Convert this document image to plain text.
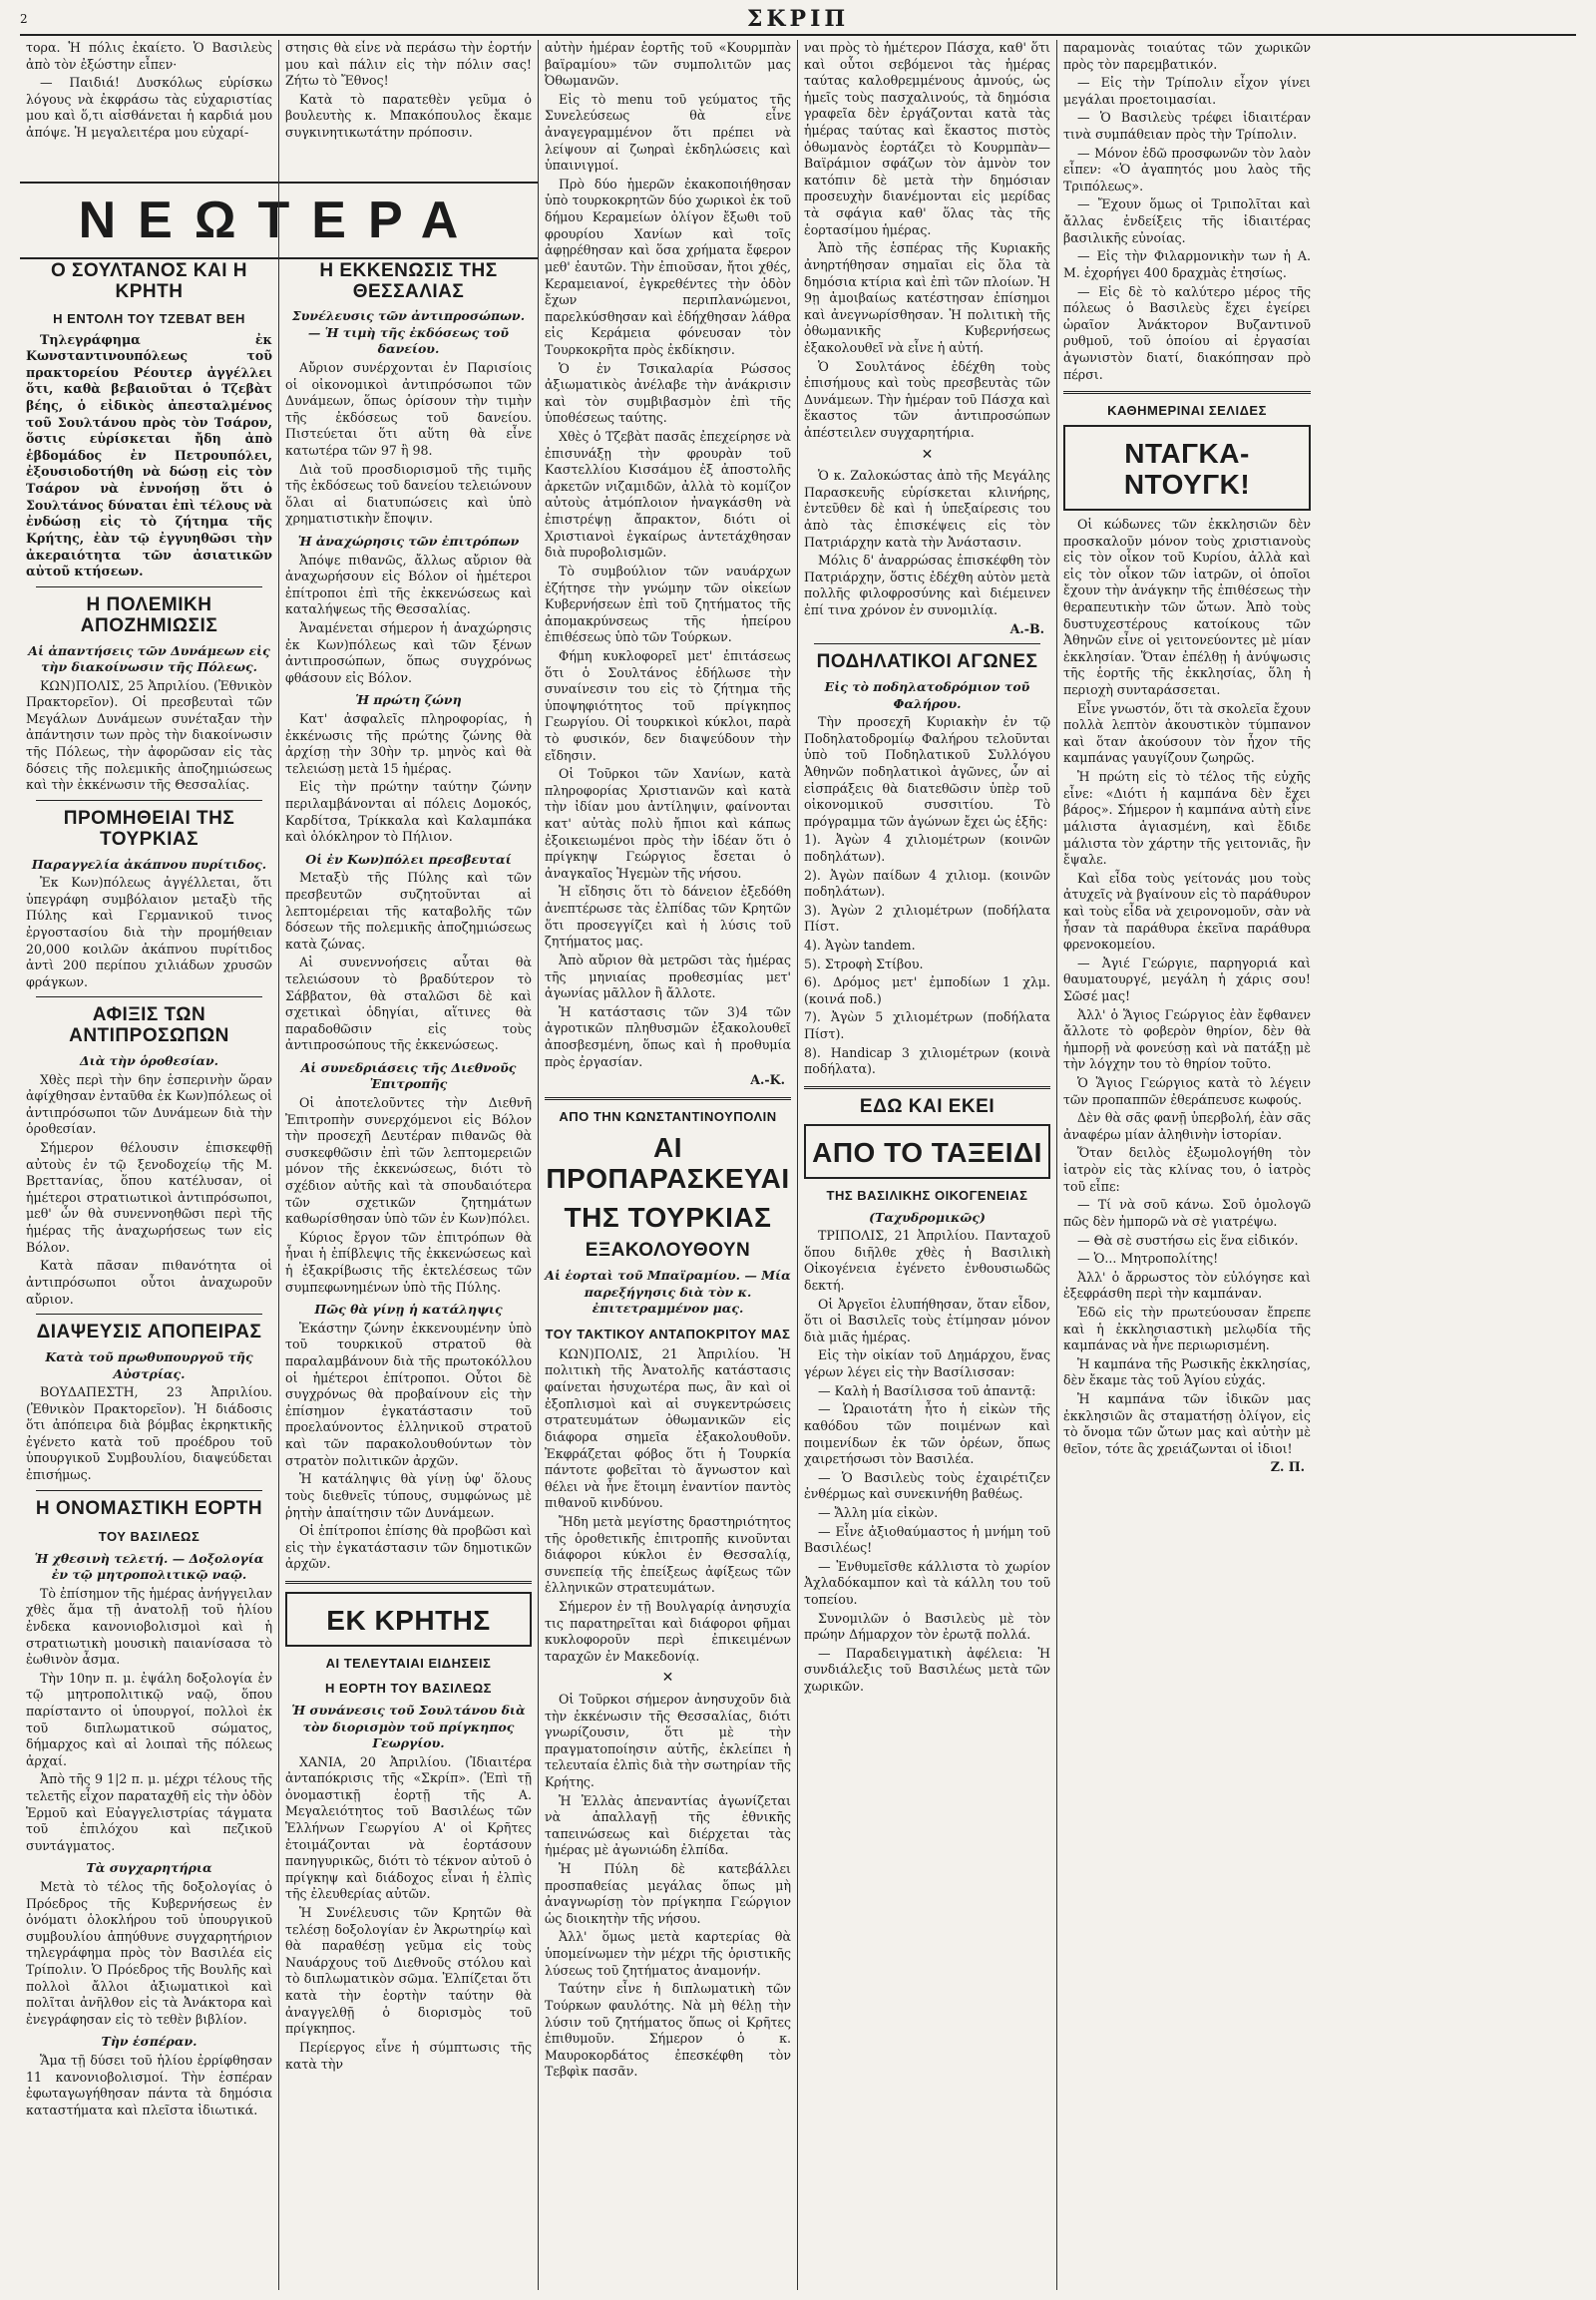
2	ΣΚΡΙΠ
ΝΕΩΤΕΡΑ

τορα. Ἡ πόλις ἐκαίετο. Ὁ Βασιλεὺς ἀπὸ τὸν ἐξώστην εἶπεν·

— Παιδιά! Δυσκόλως εὑρίσκω λόγους νὰ ἐκφράσω τὰς εὐχαριστίας μου καὶ ὅ,τι αἰσθάνεται ἡ καρδιά μου ἀπόψε. Ἡ μεγαλειτέρα μου εὐχαρί-

Ο ΣΟΥΛΤΑΝΟΣ ΚΑΙ Η ΚΡΗΤΗ
Η ΕΝΤΟΛΗ ΤΟΥ ΤΖΕΒΑΤ ΒΕΗ

Τηλεγράφημα ἐκ Κωνσταντινουπόλεως τοῦ πρακτορείου Ρέουτερ ἀγγέλλει ὅτι, καθὰ βεβαιοῦται ὁ Τζεβὰτ βέης, ὁ εἰδικὸς ἀπεσταλμένος τοῦ Σουλτάνου πρὸς τὸν Τσάρον, ὅστις εὑρίσκεται ἤδη ἀπὸ ἑβδομάδος ἐν Πετρουπόλει, ἐξουσιοδοτήθη νὰ δώσῃ εἰς τὸν Τσάρον νὰ ἐννοήσῃ ὅτι ὁ Σουλτάνος δύναται ἐπὶ τέλους νὰ ἐνδώσῃ εἰς τὸ ζήτημα τῆς Κρήτης, ἐὰν τῷ ἐγγυηθῶσι τὴν ἀκεραιότητα τῶν ἀσιατικῶν αὐτοῦ κτήσεων.

Η ΠΟΛΕΜΙΚΗ ΑΠΟΖΗΜΙΩΣΙΣ
Αἱ ἀπαντήσεις τῶν Δυνάμεων εἰς τὴν διακοίνωσιν τῆς Πόλεως.

ΚΩΝ)ΠΟΛΙΣ, 25 Ἀπριλίου. (Ἐθνικὸν Πρακτορεῖον). Οἱ πρεσβευταὶ τῶν Μεγάλων Δυνάμεων συνέταξαν τὴν ἀπάντησιν των πρὸς τὴν διακοίνωσιν τῆς Πόλεως, τὴν ἀφορῶσαν εἰς τὰς δόσεις τῆς πολεμικῆς ἀποζημιώσεως καὶ τὴν ἐκκένωσιν τῆς Θεσσαλίας.

ΠΡΟΜΗΘΕΙΑΙ ΤΗΣ ΤΟΥΡΚΙΑΣ
Παραγγελία ἀκάπνου πυρίτιδος.

Ἐκ Κων)πόλεως ἀγγέλλεται, ὅτι ὑπεγράφη συμβόλαιον μεταξὺ τῆς Πύλης καὶ Γερμανικοῦ τινος ἐργοστασίου διὰ τὴν προμήθειαν 20,000 κοιλῶν ἀκάπνου πυρίτιδος ἀντὶ 200 περίπου χιλιάδων χρυσῶν φράγκων.

ΑΦΙΞΙΣ ΤΩΝ ΑΝΤΙΠΡΟΣΩΠΩΝ
Διὰ τὴν ὁροθεσίαν.

Χθὲς περὶ τὴν 6ην ἑσπερινὴν ὥραν ἀφίχθησαν ἐνταῦθα ἐκ Κων)πόλεως οἱ ἀντιπρόσωποι τῶν Δυνάμεων διὰ τὴν ὁροθεσίαν.

Σήμερον θέλουσιν ἐπισκεφθῇ αὐτοὺς ἐν τῷ ξενοδοχείῳ τῆς Μ. Βρεττανίας, ὅπου κατέλυσαν, οἱ ἡμέτεροι στρατιωτικοὶ ἀντιπρόσωποι, μεθ' ὧν θὰ συνεννοηθῶσι περὶ τῆς ἡμέρας τῆς ἀναχωρήσεως των εἰς Βόλον.

Κατὰ πᾶσαν πιθανότητα οἱ ἀντιπρόσωποι οὗτοι ἀναχωροῦν αὔριον.

ΔΙΑΨΕΥΣΙΣ ΑΠΟΠΕΙΡΑΣ
Κατὰ τοῦ πρωθυπουργοῦ τῆς Αὐστρίας.

ΒΟΥΔΑΠΕΣΤΗ, 23 Ἀπριλίου. (Ἐθνικὸν Πρακτορεῖον). Ἡ διάδοσις ὅτι ἀπόπειρα διὰ βόμβας ἐκρηκτικῆς ἐγένετο κατὰ τοῦ προέδρου τοῦ ὑπουργικοῦ Συμβουλίου, διαψεύδεται ἐπισήμως.

Η ΟΝΟΜΑΣΤΙΚΗ ΕΟΡΤΗ
ΤΟΥ ΒΑΣΙΛΕΩΣ
Ἡ χθεσινὴ τελετή. — Δοξολογία ἐν τῷ μητροπολιτικῷ ναῷ.

Τὸ ἐπίσημον τῆς ἡμέρας ἀνήγγειλαν χθὲς ἅμα τῇ ἀνατολῇ τοῦ ἡλίου ἐνδεκα κανονιοβολισμοὶ καὶ ἡ στρατιωτικὴ μουσικὴ παιανίσασα τὸ ἐωθινὸν ἆσμα.

Τὴν 10ην π. μ. ἐψάλη δοξολογία ἐν τῷ μητροπολιτικῷ ναῷ, ὅπου παρίσταντο οἱ ὑπουργοί, πολλοὶ ἐκ τοῦ διπλωματικοῦ σώματος, δήμαρχος καὶ αἱ λοιπαὶ τῆς πόλεως ἀρχαί.

Ἀπὸ τῆς 9 1|2 π. μ. μέχρι τέλους τῆς τελετῆς εἶχον παραταχθῆ εἰς τὴν ὁδὸν Ἑρμοῦ καὶ Εὐαγγελιστρίας τάγματα τοῦ ἐπιλόχου καὶ πεζικοῦ συντάγματος.

Τὰ συγχαρητήρια

Μετὰ τὸ τέλος τῆς δοξολογίας ὁ Πρόεδρος τῆς Κυβερνήσεως ἐν ὀνόματι ὁλοκλήρου τοῦ ὑπουργικοῦ συμβουλίου ἀπηύθυνε συγχαρητήριον τηλεγράφημα πρὸς τὸν Βασιλέα εἰς Τρίπολιν. Ὁ Πρόεδρος τῆς Βουλῆς καὶ πολλοὶ ἄλλοι ἀξιωματικοὶ καὶ πολῖται ἀνῆλθον εἰς τὰ Ἀνάκτορα καὶ ἐνεγράφησαν εἰς τὸ τεθὲν βιβλίον.

Τὴν ἑσπέραν.

Ἅμα τῇ δύσει τοῦ ἡλίου ἐρρίφθησαν 11 κανονιοβολισμοί. Τὴν ἑσπέραν ἐφωταγωγήθησαν πάντα τὰ δημόσια καταστήματα καὶ πλεῖστα ἰδιωτικά.

στησις θὰ εἶνε νὰ περάσω τὴν ἑορτήν μου καὶ πάλιν εἰς τὴν πόλιν σας! Ζήτω τὸ Ἔθνος!

Κατὰ τὸ παρατεθὲν γεῦμα ὁ βουλευτὴς κ. Μπακόπουλος ἔκαμε συγκινητικωτάτην πρόποσιν.

Η ΕΚΚΕΝΩΣΙΣ ΤΗΣ ΘΕΣΣΑΛΙΑΣ
Συνέλευσις τῶν ἀντιπροσώπων. — Ἡ τιμὴ τῆς ἐκδόσεως τοῦ δανείου.

Αὔριον συνέρχονται ἐν Παρισίοις οἱ οἰκονομικοὶ ἀντιπρόσωποι τῶν Δυνάμεων, ὅπως ὁρίσουν τὴν τιμὴν τῆς ἐκδόσεως τοῦ δανείου. Πιστεύεται ὅτι αὕτη θὰ εἶνε κατωτέρα τῶν 97 ἢ 98.

Διὰ τοῦ προσδιορισμοῦ τῆς τιμῆς τῆς ἐκδόσεως τοῦ δανείου τελειώνουν ὅλαι αἱ διατυπώσεις καὶ ὑπὸ χρηματιστικὴν ἔποψιν.

Ἡ ἀναχώρησις τῶν ἐπιτρόπων

Ἀπόψε πιθανῶς, ἄλλως αὔριον θὰ ἀναχωρήσουν εἰς Βόλον οἱ ἡμέτεροι ἐπίτροποι ἐπὶ τῆς ἐκκενώσεως καὶ καταλήψεως τῆς Θεσσαλίας.

Ἀναμένεται σήμερον ἡ ἀναχώρησις ἐκ Κων)πόλεως καὶ τῶν ξένων ἀντιπροσώπων, ὅπως συγχρόνως φθάσουν εἰς Βόλον.

Ἡ πρώτη ζώνη

Κατ' ἀσφαλεῖς πληροφορίας, ἡ ἐκκένωσις τῆς πρώτης ζώνης θὰ ἀρχίσῃ τὴν 30ὴν τρ. μηνὸς καὶ θὰ τελειώσῃ μετὰ 15 ἡμέρας.

Εἰς τὴν πρώτην ταύτην ζώνην περιλαμβάνονται αἱ πόλεις Δομοκός, Καρδίτσα, Τρίκκαλα καὶ Καλαμπάκα καὶ ὁλόκληρον τὸ Πήλιον.

Οἱ ἐν Κων)πόλει πρεσβευταί

Μεταξὺ τῆς Πύλης καὶ τῶν πρεσβευτῶν συζητοῦνται αἱ λεπτομέρειαι τῆς καταβολῆς τῶν δόσεων τῆς πολεμικῆς ἀποζημιώσεως κατὰ ζώνας.

Αἱ συνεννοήσεις αὗται θὰ τελειώσουν τὸ βραδύτερον τὸ Σάββατον, θὰ σταλῶσι δὲ καὶ σχετικαὶ ὁδηγίαι, αἵτινες θὰ παραδοθῶσιν εἰς τοὺς ἀντιπροσώπους τῆς ἐκκενώσεως.

Αἱ συνεδριάσεις τῆς Διεθνοῦς Ἐπιτροπῆς

Οἱ ἀποτελοῦντες τὴν Διεθνῆ Ἐπιτροπὴν συνερχόμενοι εἰς Βόλον τὴν προσεχῆ Δευτέραν πιθανῶς θὰ συσκεφθῶσιν ἐπὶ τῶν λεπτομερειῶν μόνον τῆς ἐκκενώσεως, διότι τὸ σχέδιον αὐτῆς καὶ τὰ σπουδαιότερα τῶν σχετικῶν ζητημάτων καθωρίσθησαν ὑπὸ τῶν ἐν Κων)πόλει.

Κύριος ἔργον τῶν ἐπιτρόπων θὰ ἦναι ἡ ἐπίβλεψις τῆς ἐκκενώσεως καὶ ἡ ἐξακρίβωσις τῆς ἐκτελέσεως τῶν συμπεφωνημένων ὑπὸ τῆς Πύλης.

Πῶς θὰ γίνῃ ἡ κατάληψις

Ἑκάστην ζώνην ἐκκενουμένην ὑπὸ τοῦ τουρκικοῦ στρατοῦ θὰ παραλαμβάνουν διὰ τῆς πρωτοκόλλου οἱ ἡμέτεροι ἐπίτροποι. Οὗτοι δὲ συγχρόνως θὰ προβαίνουν εἰς τὴν ἐπίσημον ἐγκατάστασιν τοῦ προελαύνοντος ἑλληνικοῦ στρατοῦ καὶ τῶν παρακολουθούντων τὸν στρατὸν πολιτικῶν ἀρχῶν.

Ἡ κατάληψις θὰ γίνῃ ὑφ' ὅλους τοὺς διεθνεῖς τύπους, συμφώνως μὲ ῥητὴν ἀπαίτησιν τῶν Δυνάμεων.

Οἱ ἐπίτροποι ἐπίσης θὰ προβῶσι καὶ εἰς τὴν ἐγκατάστασιν τῶν δημοτικῶν ἀρχῶν.

ΕΚ ΚΡΗΤΗΣ
ΑΙ ΤΕΛΕΥΤΑΙΑΙ ΕΙΔΗΣΕΙΣ
Η ΕΟΡΤΗ ΤΟΥ ΒΑΣΙΛΕΩΣ
Ἡ συνάνεσις τοῦ Σουλτάνου διὰ τὸν διορισμὸν τοῦ πρίγκηπος Γεωργίου.

ΧΑΝΙΑ, 20 Ἀπριλίου. (Ἰδιαιτέρα ἀνταπόκρισις τῆς «Σκρίπ». (Ἐπὶ τῇ ὀνομαστικῇ ἑορτῇ τῆς Α. Μεγαλειότητος τοῦ Βασιλέως τῶν Ἑλλήνων Γεωργίου Α' οἱ Κρῆτες ἑτοιμάζονται νὰ ἑορτάσουν πανηγυρικῶς, διότι τὸ τέκνον αὐτοῦ ὁ πρίγκηψ καὶ διάδοχος εἶναι ἡ ἐλπὶς τῆς ἐλευθερίας αὐτῶν.

Ἡ Συνέλευσις τῶν Κρητῶν θὰ τελέσῃ δοξολογίαν ἐν Ἀκρωτηρίῳ καὶ θὰ παραθέσῃ γεῦμα εἰς τοὺς Ναυάρχους τοῦ Διεθνοῦς στόλου καὶ τὸ διπλωματικὸν σῶμα. Ἐλπίζεται ὅτι κατὰ τὴν ἑορτὴν ταύτην θὰ ἀναγγελθῇ ὁ διορισμὸς τοῦ πρίγκηπος.

Περίεργος εἶνε ἡ σύμπτωσις τῆς κατὰ τὴν

αὐτὴν ἡμέραν ἑορτῆς τοῦ «Κουρμπὰν βαϊραμίου» τῶν συμπολιτῶν μας Ὀθωμανῶν.

Εἰς τὸ menu τοῦ γεύματος τῆς Συνελεύσεως θὰ εἶνε ἀναγεγραμμένον ὅτι πρέπει νὰ λείψουν αἱ ζωηραὶ ἐκδηλώσεις καὶ ὑπαινιγμοί.

Πρὸ δύο ἡμερῶν ἐκακοποιήθησαν ὑπὸ τουρκοκρητῶν δύο χωρικοὶ ἐκ τοῦ δήμου Κεραμείων ὀλίγον ἔξωθι τοῦ φρουρίου Χανίων καὶ τοῖς ἀφῃρέθησαν καὶ ὅσα χρήματα ἔφερον μεθ' ἑαυτῶν. Τὴν ἐπιοῦσαν, ἤτοι χθές, Κεραμειανοί, ἐγκρεθέντες τὴν ὁδὸν ἔχων περιπλανώμενοι, παρελκύσθησαν καὶ ἐδήχθησαν λάθρα εἰς Κεράμεια φόνευσαν τὸν Τουρκοκρῆτα πρὸς ἐκδίκησιν.

Ὁ ἐν Τσικαλαρία Ρώσσος ἀξιωματικὸς ἀνέλαβε τὴν ἀνάκρισιν καὶ τὸν συμβιβασμὸν ἐπὶ τῆς ὑποθέσεως ταύτης.

Χθὲς ὁ Τζεβὰτ πασᾶς ἐπεχείρησε νὰ ἐπισυνάξῃ τὴν φρουρὰν τοῦ Καστελλίου Κισσάμου ἐξ ἀποστολῆς ἀρκετῶν νιζαμιδῶν, ἀλλὰ τὸ κομίζον αὐτοὺς ἀτμόπλοιον ἠναγκάσθη νὰ ἐπιστρέψῃ ἄπρακτον, διότι οἱ Χριστιανοὶ ἐγκαίρως ἀντετάχθησαν διὰ πυροβολισμῶν.

Τὸ συμβούλιον τῶν ναυάρχων ἐζήτησε τὴν γνώμην τῶν οἰκείων Κυβερνήσεων ἐπὶ τοῦ ζητήματος τῆς ἀπομακρύνσεως τῆς ἠπείρου ἐπιθέσεως ὑπὸ τῶν Τούρκων.

Φήμη κυκλοφορεῖ μετ' ἐπιτάσεως ὅτι ὁ Σουλτάνος ἐδήλωσε τὴν συναίνεσιν του εἰς τὸ ζήτημα τῆς ὑποψηφιότητος τοῦ πρίγκηπος Γεωργίου. Οἱ τουρκικοὶ κύκλοι, παρὰ τὸ φυσικόν, δεν διαψεύδουν τὴν εἴδησιν.

Οἱ Τοῦρκοι τῶν Χανίων, κατὰ πληροφορίας Χριστιανῶν καὶ κατὰ τὴν ἰδίαν μου ἀντίληψιν, φαίνονται κατ' αὐτὰς πολὺ ἤπιοι καὶ κάπως ἐξοικειωμένοι πρὸς τὴν ἰδέαν ὅτι ὁ πρίγκηψ Γεώργιος ἔσεται ὁ ἀναγκαῖος Ἡγεμὼν τῆς νήσου.

Ἡ εἴδησις ὅτι τὸ δάνειον ἐξεδόθη ἀνεπτέρωσε τὰς ἐλπίδας τῶν Κρητῶν ὅτι προσεγγίζει καὶ ἡ λύσις τοῦ ζητήματος μας.

Ἀπὸ αὔριον θὰ μετρῶσι τὰς ἡμέρας τῆς μηνιαίας προθεσμίας μετ' ἀγωνίας μᾶλλον ἢ ἄλλοτε.

Ἡ κατάστασις τῶν 3)4 τῶν ἀγροτικῶν πληθυσμῶν ἐξακολουθεῖ ἀποσβεσμένη, ὅπως καὶ ἡ προθυμία πρὸς ἐργασίαν.

Α.-Κ.
ΑΠΟ ΤΗΝ ΚΩΝΣΤΑΝΤΙΝΟΥΠΟΛΙΝ
ΑΙ ΠΡΟΠΑΡΑΣΚΕΥΑΙ
ΤΗΣ ΤΟΥΡΚΙΑΣ
ΕΞΑΚΟΛΟΥΘΟΥΝ
Αἱ ἑορταὶ τοῦ Μπαϊραμίου. — Μία παρεξήγησις διὰ τὸν κ. ἐπιτετραμμένον μας.
ΤΟΥ ΤΑΚΤΙΚΟΥ ΑΝΤΑΠΟΚΡΙΤΟΥ ΜΑΣ

ΚΩΝ)ΠΟΛΙΣ, 21 Ἀπριλίου. Ἡ πολιτικὴ τῆς Ἀνατολῆς κατάστασις φαίνεται ἠσυχωτέρα πως, ἂν καὶ οἱ ἐξοπλισμοὶ καὶ αἱ συγκεντρώσεις στρατευμάτων ὀθωμανικῶν εἰς διάφορα σημεῖα ἐξακολουθοῦν. Ἐκφράζεται φόβος ὅτι ἡ Τουρκία πάντοτε φοβεῖται τὸ ἄγνωστον καὶ θέλει νὰ ἦνε ἕτοιμη ἐναντίον παντὸς πιθανοῦ κινδύνου.

Ἤδη μετὰ μεγίστης δραστηριότητος τῆς ὁροθετικῆς ἐπιτροπῆς κινοῦνται διάφοροι κύκλοι ἐν Θεσσαλίᾳ, συνεπείᾳ τῆς ἐπείξεως ἀφίξεως τῶν ἑλληνικῶν στρατευμάτων.

Σήμερον ἐν τῇ Βουλγαρίᾳ ἀνησυχία τις παρατηρεῖται καὶ διάφοροι φῆμαι κυκλοφοροῦν περὶ ἐπικειμένων ταραχῶν ἐν Μακεδονίᾳ.

✕

Οἱ Τοῦρκοι σήμερον ἀνησυχοῦν διὰ τὴν ἐκκένωσιν τῆς Θεσσαλίας, διότι γνωρίζουσιν, ὅτι μὲ τὴν πραγματοποίησιν αὐτῆς, ἐκλείπει ἡ τελευταία ἐλπὶς διὰ τὴν σωτηρίαν τῆς Κρήτης.

Ἡ Ἑλλὰς ἀπεναντίας ἀγωνίζεται νὰ ἀπαλλαγῇ τῆς ἐθνικῆς ταπεινώσεως καὶ διέρχεται τὰς ἡμέρας μὲ ἀγωνιώδη ἐλπίδα.

Ἡ Πύλη δὲ κατεβάλλει προσπαθείας μεγάλας ὅπως μὴ ἀναγνωρίσῃ τὸν πρίγκηπα Γεώργιον ὡς διοικητὴν τῆς νήσου.

Ἀλλ' ὅμως μετὰ καρτερίας θὰ ὑπομείνωμεν τὴν μέχρι τῆς ὁριστικῆς λύσεως τοῦ ζητήματος ἀναμονήν.

Ταύτην εἶνε ἡ διπλωματικὴ τῶν Τούρκων φαυλότης. Νὰ μὴ θέλῃ τὴν λύσιν τοῦ ζητήματος ὅπως οἱ Κρῆτες ἐπιθυμοῦν. Σήμερον ὁ κ. Μαυροκορδάτος ἐπεσκέφθη τὸν Τεβφὶκ πασᾶν.

ναι πρὸς τὸ ἡμέτερον Πάσχα, καθ' ὅτι καὶ οὗτοι σεβόμενοι τὰς ἡμέρας ταύτας καλοθρεμμένους ἀμνούς, ὡς ἡμεῖς τοὺς πασχαλινούς, τὰ δημόσια γραφεῖα δὲν ἐργάζονται κατὰ τὰς ἡμέρας ταύτας καὶ ἕκαστος πιστὸς ὀθωμανὸς ἑορτάζει τὸ Κουρμπὰν—Βαϊράμιον σφάζων τὸν ἀμνὸν τον κατόπιν δὲ μετὰ τὴν δημόσιαν προσευχὴν διανέμονται εἰς μερίδας τὰ σφάγια καθ' ὅλας τὰς τῆς ἑορτασίμου ἡμέρας.

Ἀπὸ τῆς ἑσπέρας τῆς Κυριακῆς ἀνηρτήθησαν σημαῖαι εἰς ὅλα τὰ δημόσια κτίρια καὶ ἐπὶ τῶν πλοίων. Ἡ 9ῃ ἀμοιβαίως κατέστησαν ἐπίσημοι καὶ ἀνεγνωρίσθησαν. Ἡ πολιτικὴ τῆς ὀθωμανικῆς Κυβερνήσεως ἐξακολουθεῖ νὰ εἶνε ἡ αὐτή.

Ὁ Σουλτάνος ἐδέχθη τοὺς ἐπισήμους καὶ τοὺς πρεσβευτὰς τῶν Δυνάμεων. Τὴν ἡμέραν τοῦ Πάσχα καὶ ἕκαστος τῶν ἀντιπροσώπων ἀπέστειλεν συγχαρητήρια.

✕

Ὁ κ. Ζαλοκώστας ἀπὸ τῆς Μεγάλης Παρασκευῆς εὑρίσκεται κλινήρης, ἐντεῦθεν δὲ καὶ ἡ ὑπεξαίρεσις του ἀπὸ τὰς ἐπισκέψεις εἰς τὸν Πατριάρχην κατὰ τὴν Ἀνάστασιν.

Μόλις δ' ἀναρρώσας ἐπισκέφθη τὸν Πατριάρχην, ὅστις ἐδέχθη αὐτὸν μετὰ πολλῆς φιλοφροσύνης καὶ διέμεινεν ἐπί τινα χρόνον ἐν συνομιλίᾳ.

Α.-Β.
ΠΟΔΗΛΑΤΙΚΟΙ ΑΓΩΝΕΣ
Εἰς τὸ ποδηλατοδρόμιον τοῦ Φαλήρου.

Τὴν προσεχῆ Κυριακὴν ἐν τῷ Ποδηλατοδρομίῳ Φαλήρου τελοῦνται ὑπὸ τοῦ Ποδηλατικοῦ Συλλόγου Ἀθηνῶν ποδηλατικοὶ ἀγῶνες, ὧν αἱ εἰσπράξεις θὰ διατεθῶσιν ὑπὲρ τοῦ οἰκονομικοῦ συσσιτίου. Τὸ πρόγραμμα τῶν ἀγώνων ἔχει ὡς ἑξῆς:

1). Ἀγὼν 4 χιλιομέτρων (κοινῶν ποδηλάτων).

2). Ἀγὼν παίδων 4 χιλιομ. (κοινῶν ποδηλάτων).

3). Ἀγὼν 2 χιλιομέτρων (ποδήλατα Πίστ.

4). Ἀγὼν tandem.

5). Στροφὴ Στίβου.

6). Δρόμος μετ' ἐμποδίων 1 χλμ. (κοινά ποδ.)

7). Ἀγὼν 5 χιλιομέτρων (ποδήλατα Πίστ).

8). Handicap 3 χιλιομέτρων (κοινὰ ποδήλατα).

ΕΔΩ ΚΑΙ ΕΚΕΙ
ΑΠΟ ΤΟ ΤΑΞΕΙΔΙ
ΤΗΣ ΒΑΣΙΛΙΚΗΣ ΟΙΚΟΓΕΝΕΙΑΣ
(Ταχυδρομικῶς)

ΤΡΙΠΟΛΙΣ, 21 Ἀπριλίου. Πανταχοῦ ὅπου διῆλθε χθὲς ἡ Βασιλικὴ Οἰκογένεια ἐγένετο ἐνθουσιωδῶς δεκτή.

Οἱ Ἀργεῖοι ἐλυπήθησαν, ὅταν εἶδον, ὅτι οἱ Βασιλεῖς τοὺς ἐτίμησαν μόνον διὰ μιᾶς ἡμέρας.

Εἰς τὴν οἰκίαν τοῦ Δημάρχου, ἕνας γέρων λέγει εἰς τὴν Βασίλισσαν:

— Καλὴ ἡ Βασίλισσα τοῦ ἀπαντᾷ:

— Ὡραιοτάτη ἦτο ἡ εἰκὼν τῆς καθόδου τῶν ποιμένων καὶ ποιμενίδων ἐκ τῶν ὀρέων, ὅπως χαιρετήσωσι τὸν Βασιλέα.

— Ὁ Βασιλεὺς τοὺς ἐχαιρέτιζεν ἐνθέρμως καὶ συνεκινήθη βαθέως.

— Ἄλλη μία εἰκὼν.

— Εἶνε ἀξιοθαύμαστος ἡ μνήμη τοῦ Βασιλέως!

— Ἐνθυμεῖσθε κάλλιστα τὸ χωρίον Ἀχλαδόκαμπον καὶ τὰ κάλλη του τοῦ τοπείου.

Συνομιλῶν ὁ Βασιλεὺς μὲ τὸν πρώην Δήμαρχον τὸν ἐρωτᾷ πολλά.

— Παραδειγματικὴ ἀφέλεια: Ἡ συνδιάλεξις τοῦ Βασιλέως μετὰ τῶν χωρικῶν.

παραμονὰς τοιαύτας τῶν χωρικῶν πρὸς τὸν παρεμβατικόν.

— Εἰς τὴν Τρίπολιν εἶχον γίνει μεγάλαι προετοιμασίαι.

— Ὁ Βασιλεὺς τρέφει ἰδιαιτέραν τινὰ συμπάθειαν πρὸς τὴν Τρίπολιν.

— Μόνον ἐδῶ προσφωνῶν τὸν λαὸν εἶπεν: «Ὁ ἀγαπητός μου λαὸς τῆς Τριπόλεως».

— Ἔχουν ὅμως οἱ Τριπολῖται καὶ ἄλλας ἐνδείξεις τῆς ἰδιαιτέρας βασιλικῆς εὐνοίας.

— Εἰς τὴν Φιλαρμονικὴν των ἡ Α. Μ. ἐχορήγει 400 δραχμὰς ἐτησίως.

— Εἰς δὲ τὸ καλύτερο μέρος τῆς πόλεως ὁ Βασιλεὺς ἔχει ἐγείρει ὡραῖον Ἀνάκτορον Βυζαντινοῦ ρυθμοῦ, τοῦ ὁποίου αἱ ἐργασίαι ἀγωνιστὸν διατί, διακόπησαν πρὸ πέρσι.

ΚΑΘΗΜΕΡΙΝΑΙ ΣΕΛΙΔΕΣ
ΝΤΑΓΚΑ-ΝΤΟΥΓΚ!

Οἱ κώδωνες τῶν ἐκκλησιῶν δὲν προσκαλοῦν μόνον τοὺς χριστιανοὺς εἰς τὸν οἶκον τοῦ Κυρίου, ἀλλὰ καὶ εἰς τὸν οἶκον τῶν ἰατρῶν, οἱ ὁποῖοι ἔχουν τὴν ἀνάγκην τῆς ἐπιθέσεως τὴν θεραπευτικὴν τῶν ὤτων. Ἀπὸ τοὺς δυστυχεστέρους κατοίκους τῶν Ἀθηνῶν εἶνε οἱ γειτονεύοντες μὲ μίαν ἐκκλησίαν. Ὅταν ἐπέλθῃ ἡ ἀνύψωσις τῆς ἑορτῆς τῆς ἐκκλησίας, ὅλη ἡ περιοχὴ συνταράσσεται.

Εἶνε γνωστόν, ὅτι τὰ σκολεῖα ἔχουν πολλὰ λεπτὸν ἀκουστικὸν τύμπανον καὶ ὅταν ἀκούσουν τὸν ἦχον τῆς καμπάνας γαυγίζουν ζωηρῶς.

Ἡ πρώτη εἰς τὸ τέλος τῆς εὐχῆς εἶνε: «Διότι ἡ καμπάνα δὲν ἔχει βάρος». Σήμερον ἡ καμπάνα αὐτὴ εἶνε μάλιστα ἁγιασμένη, καὶ ἔδιδε μάλιστα τὸν χάρτην τῆς γειτονιᾶς, ἢν ἔψαλε.

Καὶ εἶδα τοὺς γείτονάς μου τοὺς ἀτυχεῖς νὰ βγαίνουν εἰς τὸ παράθυρον καὶ τοὺς εἶδα νὰ χειρονομοῦν, σὰν νὰ ἦσαν τὰ παράθυρα ἐκεῖνα παράθυρα φρενοκομείου.

— Ἀγιέ Γεώργιε, παρηγοριά καὶ θαυματουργέ, μεγάλη ἡ χάρις σου! Σῶσέ μας!

Ἀλλ' ὁ Ἅγιος Γεώργιος ἐὰν ἔφθανεν ἄλλοτε τὸ φοβερὸν θηρίον, δὲν θὰ ἠμπορῇ νὰ φονεύσῃ καὶ νὰ πατάξῃ μὲ τὴν λόγχην του τὸ θηρίον τοῦτο.

Ὁ Ἅγιος Γεώργιος κατὰ τὸ λέγειν τῶν προπαππῶν ἐθεράπευσε κωφούς.

Δὲν θὰ σᾶς φανῇ ὑπερβολή, ἐὰν σᾶς ἀναφέρω μίαν ἀληθινὴν ἱστορίαν.

Ὅταν δειλὸς ἐξωμολογήθη τὸν ἰατρὸν εἰς τὰς κλίνας του, ὁ ἰατρὸς τοῦ εἶπε:

— Τί νὰ σοῦ κάνω. Σοῦ ὁμολογῶ πῶς δὲν ἠμπορῶ νὰ σὲ γιατρέψω.

— Θὰ σὲ συστήσω εἰς ἕνα εἰδικόν.

— Ὁ... Μητροπολίτης!

Ἀλλ' ὁ ἄρρωστος τὸν εὐλόγησε καὶ ἐξεφράσθη περὶ τὴν καμπάναν.

Ἐδῶ εἰς τὴν πρωτεύουσαν ἔπρεπε καὶ ἡ ἐκκλησιαστικὴ μελῳδία τῆς καμπάνας νὰ ἦνε περιωρισμένη.

Ἡ καμπάνα τῆς Ρωσικῆς ἐκκλησίας, δὲν ἔκαμε τὰς τοῦ Ἁγίου εὐχάς.

Ἡ καμπάνα τῶν ἰδικῶν μας ἐκκλησιῶν ἂς σταματήσῃ ὀλίγον, εἰς τὸ ὄνομα τῶν ὤτων μας καὶ αὐτὴν μὲ θεῖον, τότε ἂς χρειάζωνται οἱ ἰδιοι!

Ζ. Π.
